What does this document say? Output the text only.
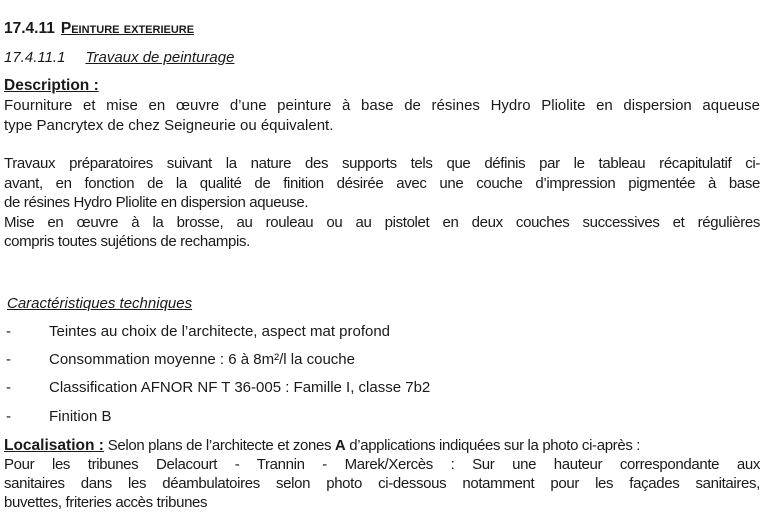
17.4.11 Peinture exterieure
17.4.11.1 Travaux de peinturage
Description :
Fourniture et mise en œuvre d’une peinture à base de résines Hydro Pliolite en dispersion aqueuse
type Pancrytex de chez Seigneurie ou équivalent.
Travaux préparatoires suivant la nature des supports tels que définis par le tableau récapitulatif ci-
avant, en fonction de la qualité de finition désirée avec une couche d’impression pigmentée à base
de résines Hydro Pliolite en dispersion aqueuse.
Mise en œuvre à la brosse, au rouleau ou au pistolet en deux couches successives et régulières
compris toutes sujétions de rechampis.
Caractéristiques techniques
-	Teintes au choix de l’architecte, aspect mat profond
-	Consommation moyenne : 6 à 8m²/l la couche
-	Classification AFNOR NF T 36-005 : Famille I, classe 7b2
-	Finition B
Localisation : Selon plans de l’architecte et zones A d’applications indiquées sur la photo ci-après :
Pour les tribunes Delacourt - Trannin - Marek/Xercès : Sur une hauteur correspondante aux
sanitaires dans les déambulatoires selon photo ci-dessous notamment pour les façades sanitaires,
buvettes, friteries accès tribunes
